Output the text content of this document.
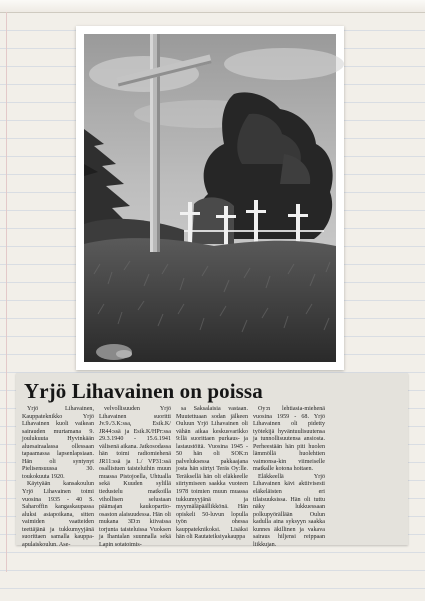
Yrjö Lihavainen on poissa

Yrjö Lihavainen, Kauppateknikko Yrjö Lihavainen kuoli vaikean sairauden murtamana 9. joulukuuta Hyvinkään aluesairaalassa ollessaan tapaamassa lapsenlapsiaan. Hän oli syntynyt Pielisensuussa 30. toukokuuta 1920.

Käytyään kansakoulun Yrjö Lihavainen toimi vuosina 1935 - 40 S. Saharoffin kangaskaupassa aluksi asiapoikana, sitten vaimiden vaatteiden teettäjänä ja tukkumyyjänä suorittaen samalla kauppa-apulaiskoulun. Ase-

velvollisuuden Yrjö Lihavainen suoritti Jv.9./3.K:ssa, Esik.K/ JR44:ssä ja Esik.K/HPr:ssa 29.3.1940 - 15.6.1941 välisenä aikana. Jatkosodassa hän toimi radiomiehenä JR11:ssä ja 1./ VP31:ssä osallistuen taisteluihin muun muassa Pistojoella, Uhtualla sekä Kuuden sylillä tiedustelu matkoilla vihollisen selustaan päämajan kaukopartio-osaston alaisuudessa. Hän oli mukana 3D:n kiivaissa torjunta taisteluissa Vuoksen ja Ihantalan suunnalla sekä Lapin sotatoimis-

sa Saksalaisia vastaan. Muutettuaan sodan jälkeen Ouluun Yrjö Lihavainen oli vähän aikaa keskusvarikko 9:llä suorittaen purkaus- ja lastaustöitä. Vuosina 1945 - 50 hän oli SOK:n palveluksessa pakkaajana josta hän siirtyi Teräs Oy:lle. Teräksellä hän oli eläkkeelle siirtymiseen saakka vuoteen 1978 toimien muun muassa tukkumyyjänä ja myymäläpäällikkönä. Hän opiskeli 50-luvun lopulla työn ohessa kauppateknikoksi. Lisäksi hän oli Rautateiksiyakauppa

Oy:n lehtiasia-miehenä vuosina 1959 - 68. Yrjö Lihavainen oli pidetty työtekijä hyväntuulisuutensa ja tunnollisuutensa ansiosta. Perheestään hän piti huolen lämmöllä huolehtien vaimonsa-kin viimeiselle matkalle kotona hoitaen.

Eläkkeellä Yrjö Lihavainen kävi aktiivisesti eläkeläisten eri tilaisuuksissa. Hän oli tuttu näky lukkuessaan polkupyörällään Oulun kadulla aina syksyyn saakka kunnes äkillinen ja vakava sairaus hiljensi reippaan liikkujan.
